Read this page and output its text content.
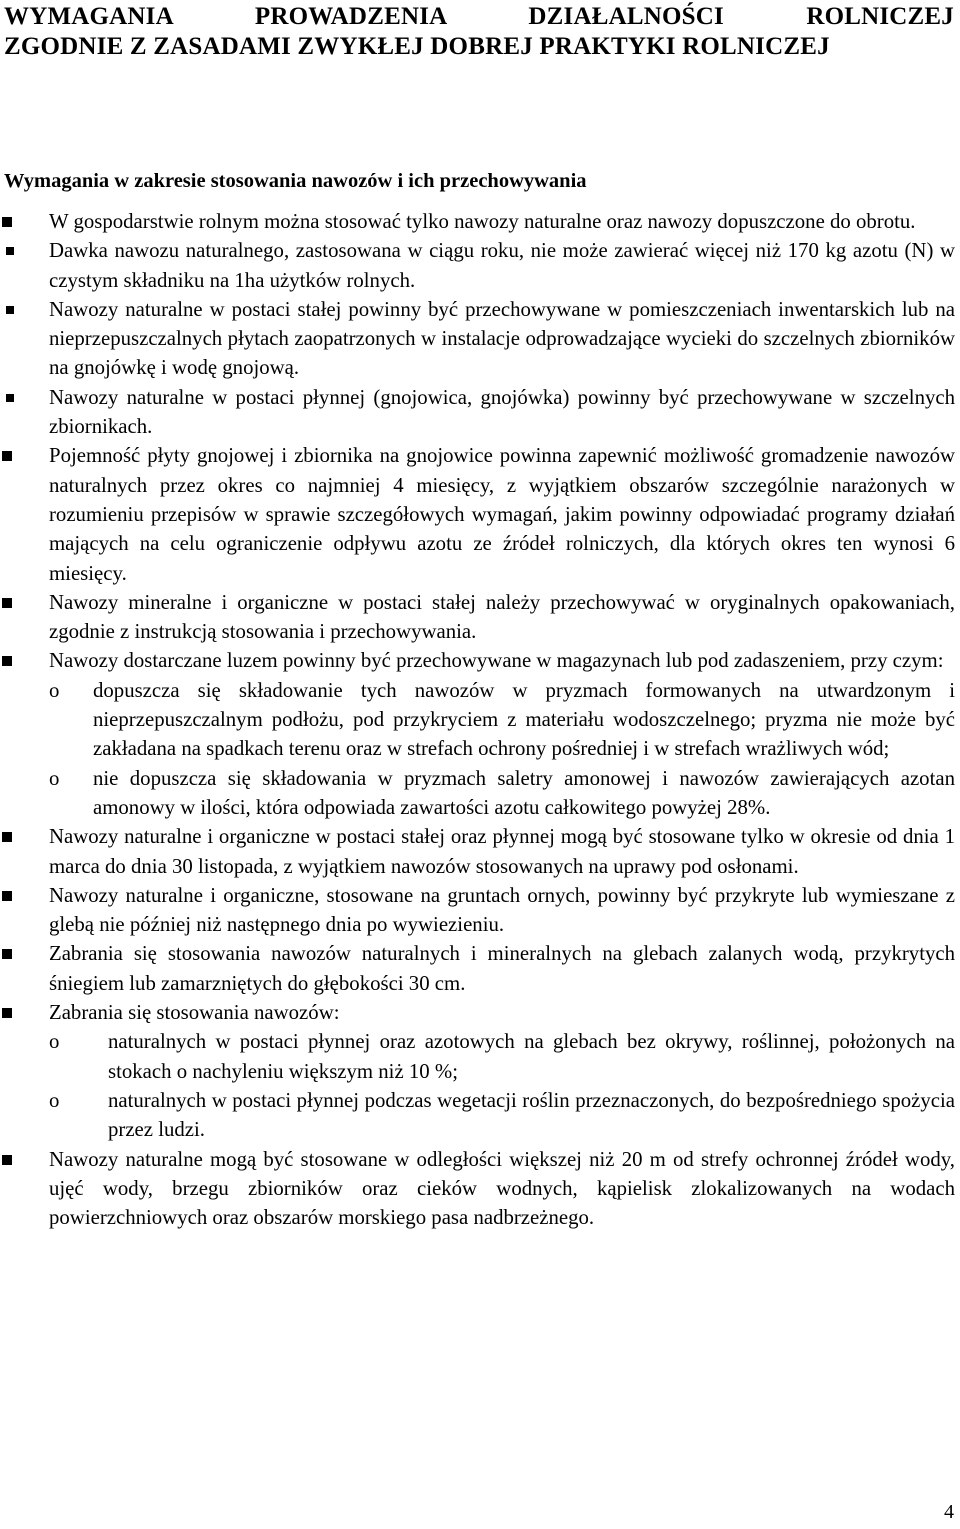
WYMAGANIA PROWADZENIA DZIAŁALNOŚCI ROLNICZEJ
ZGODNIE Z ZASADAMI ZWYKŁEJ DOBREJ PRAKTYKI ROLNICZEJ
Wymagania w zakresie stosowania nawozów i ich przechowywania
W gospodarstwie rolnym można stosować tylko nawozy naturalne oraz nawozy dopuszczone do obrotu.
Dawka nawozu naturalnego, zastosowana w ciągu roku, nie może zawierać więcej niż 170 kg azotu (N) w czystym składniku na 1ha użytków rolnych.
Nawozy naturalne w postaci stałej powinny być przechowywane w pomieszczeniach inwentarskich lub na nieprzepuszczalnych płytach zaopatrzonych w instalacje odprowadzające wycieki do szczelnych zbiorników na gnojówkę i wodę gnojową.
Nawozy naturalne w postaci płynnej (gnojowica, gnojówka) powinny być przechowywane w szczelnych zbiornikach.
Pojemność płyty gnojowej i zbiornika na gnojowice powinna zapewnić możliwość gromadzenie nawozów naturalnych przez okres co najmniej 4 miesięcy, z wyjątkiem obszarów szczególnie narażonych w rozumieniu przepisów w sprawie szczegółowych wymagań, jakim powinny odpowiadać programy działań mających na celu ograniczenie odpływu azotu ze źródeł rolniczych, dla których okres ten wynosi 6 miesięcy.
Nawozy mineralne i organiczne w postaci stałej należy przechowywać w oryginalnych opakowaniach, zgodnie z instrukcją stosowania i przechowywania.
Nawozy dostarczane luzem powinny być przechowywane w magazynach lub pod zadaszeniem, przy czym:
o dopuszcza się składowanie tych nawozów w pryzmach formowanych na utwardzonym i nieprzepuszczalnym podłożu, pod przykryciem z materiału wodoszczelnego; pryzma nie może być zakładana na spadkach terenu oraz w strefach ochrony pośredniej i w strefach wrażliwych wód;
o nie dopuszcza się składowania w pryzmach saletry amonowej i nawozów zawierających azotan amonowy w ilości, która odpowiada zawartości azotu całkowitego powyżej 28%.
Nawozy naturalne i organiczne w postaci stałej oraz płynnej mogą być stosowane tylko w okresie od dnia 1 marca do dnia 30 listopada, z wyjątkiem nawozów stosowanych na uprawy pod osłonami.
Nawozy naturalne i organiczne, stosowane na gruntach ornych, powinny być przykryte lub wymieszane z glebą nie później niż następnego dnia po wywiezieniu.
Zabrania się stosowania nawozów naturalnych i mineralnych na glebach zalanych wodą, przykrytych śniegiem lub zamarzniętych do głębokości 30 cm.
Zabrania się stosowania nawozów:
o naturalnych w postaci płynnej oraz azotowych na glebach bez okrywy, roślinnej, położonych na stokach o nachyleniu większym niż 10 %;
o naturalnych w postaci płynnej podczas wegetacji roślin przeznaczonych, do bezpośredniego spożycia przez ludzi.
Nawozy naturalne mogą być stosowane w odległości większej niż 20 m od strefy ochronnej źródeł wody, ujęć wody, brzegu zbiorników oraz cieków wodnych, kąpielisk zlokalizowanych na wodach powierzchniowych oraz obszarów morskiego pasa nadbrzeżnego.
4
